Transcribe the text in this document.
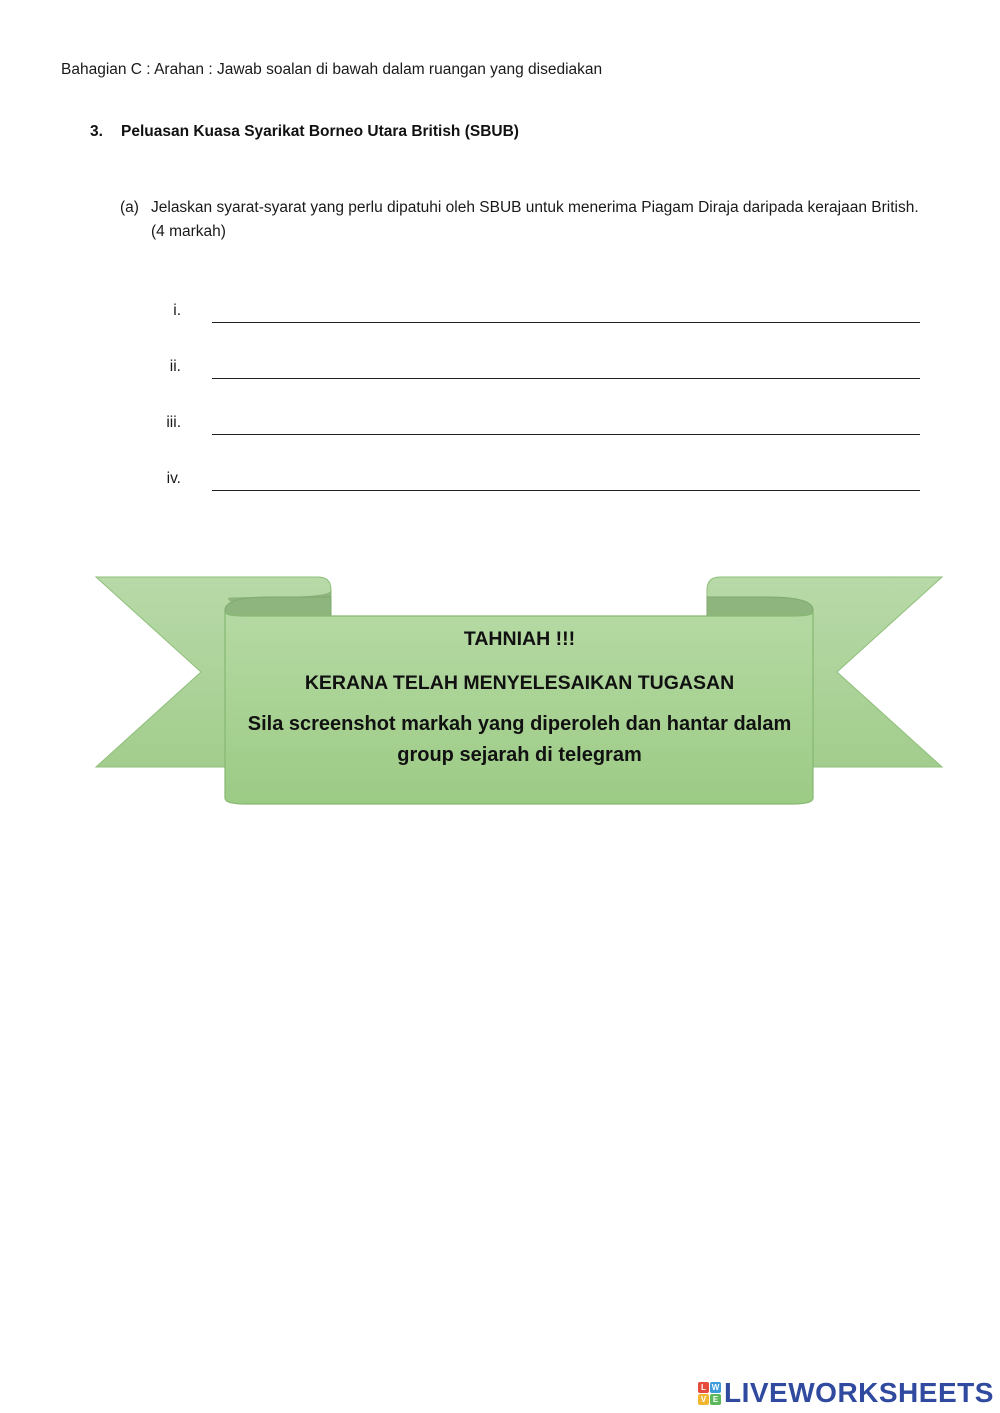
Bahagian C : Arahan : Jawab soalan di bawah dalam ruangan yang disediakan
3. Peluasan Kuasa Syarikat Borneo Utara British (SBUB)
(a) Jelaskan syarat-syarat yang perlu dipatuhi oleh SBUB untuk menerima Piagam Diraja daripada kerajaan British. (4 markah)
i.
ii.
iii.
iv.

TAHNIAH !!!

KERANA TELAH MENYELESAIKAN TUGASAN

Sila screenshot markah yang diperoleh dan hantar dalam group sejarah di telegram

L W
V E LIVEWORKSHEETS
